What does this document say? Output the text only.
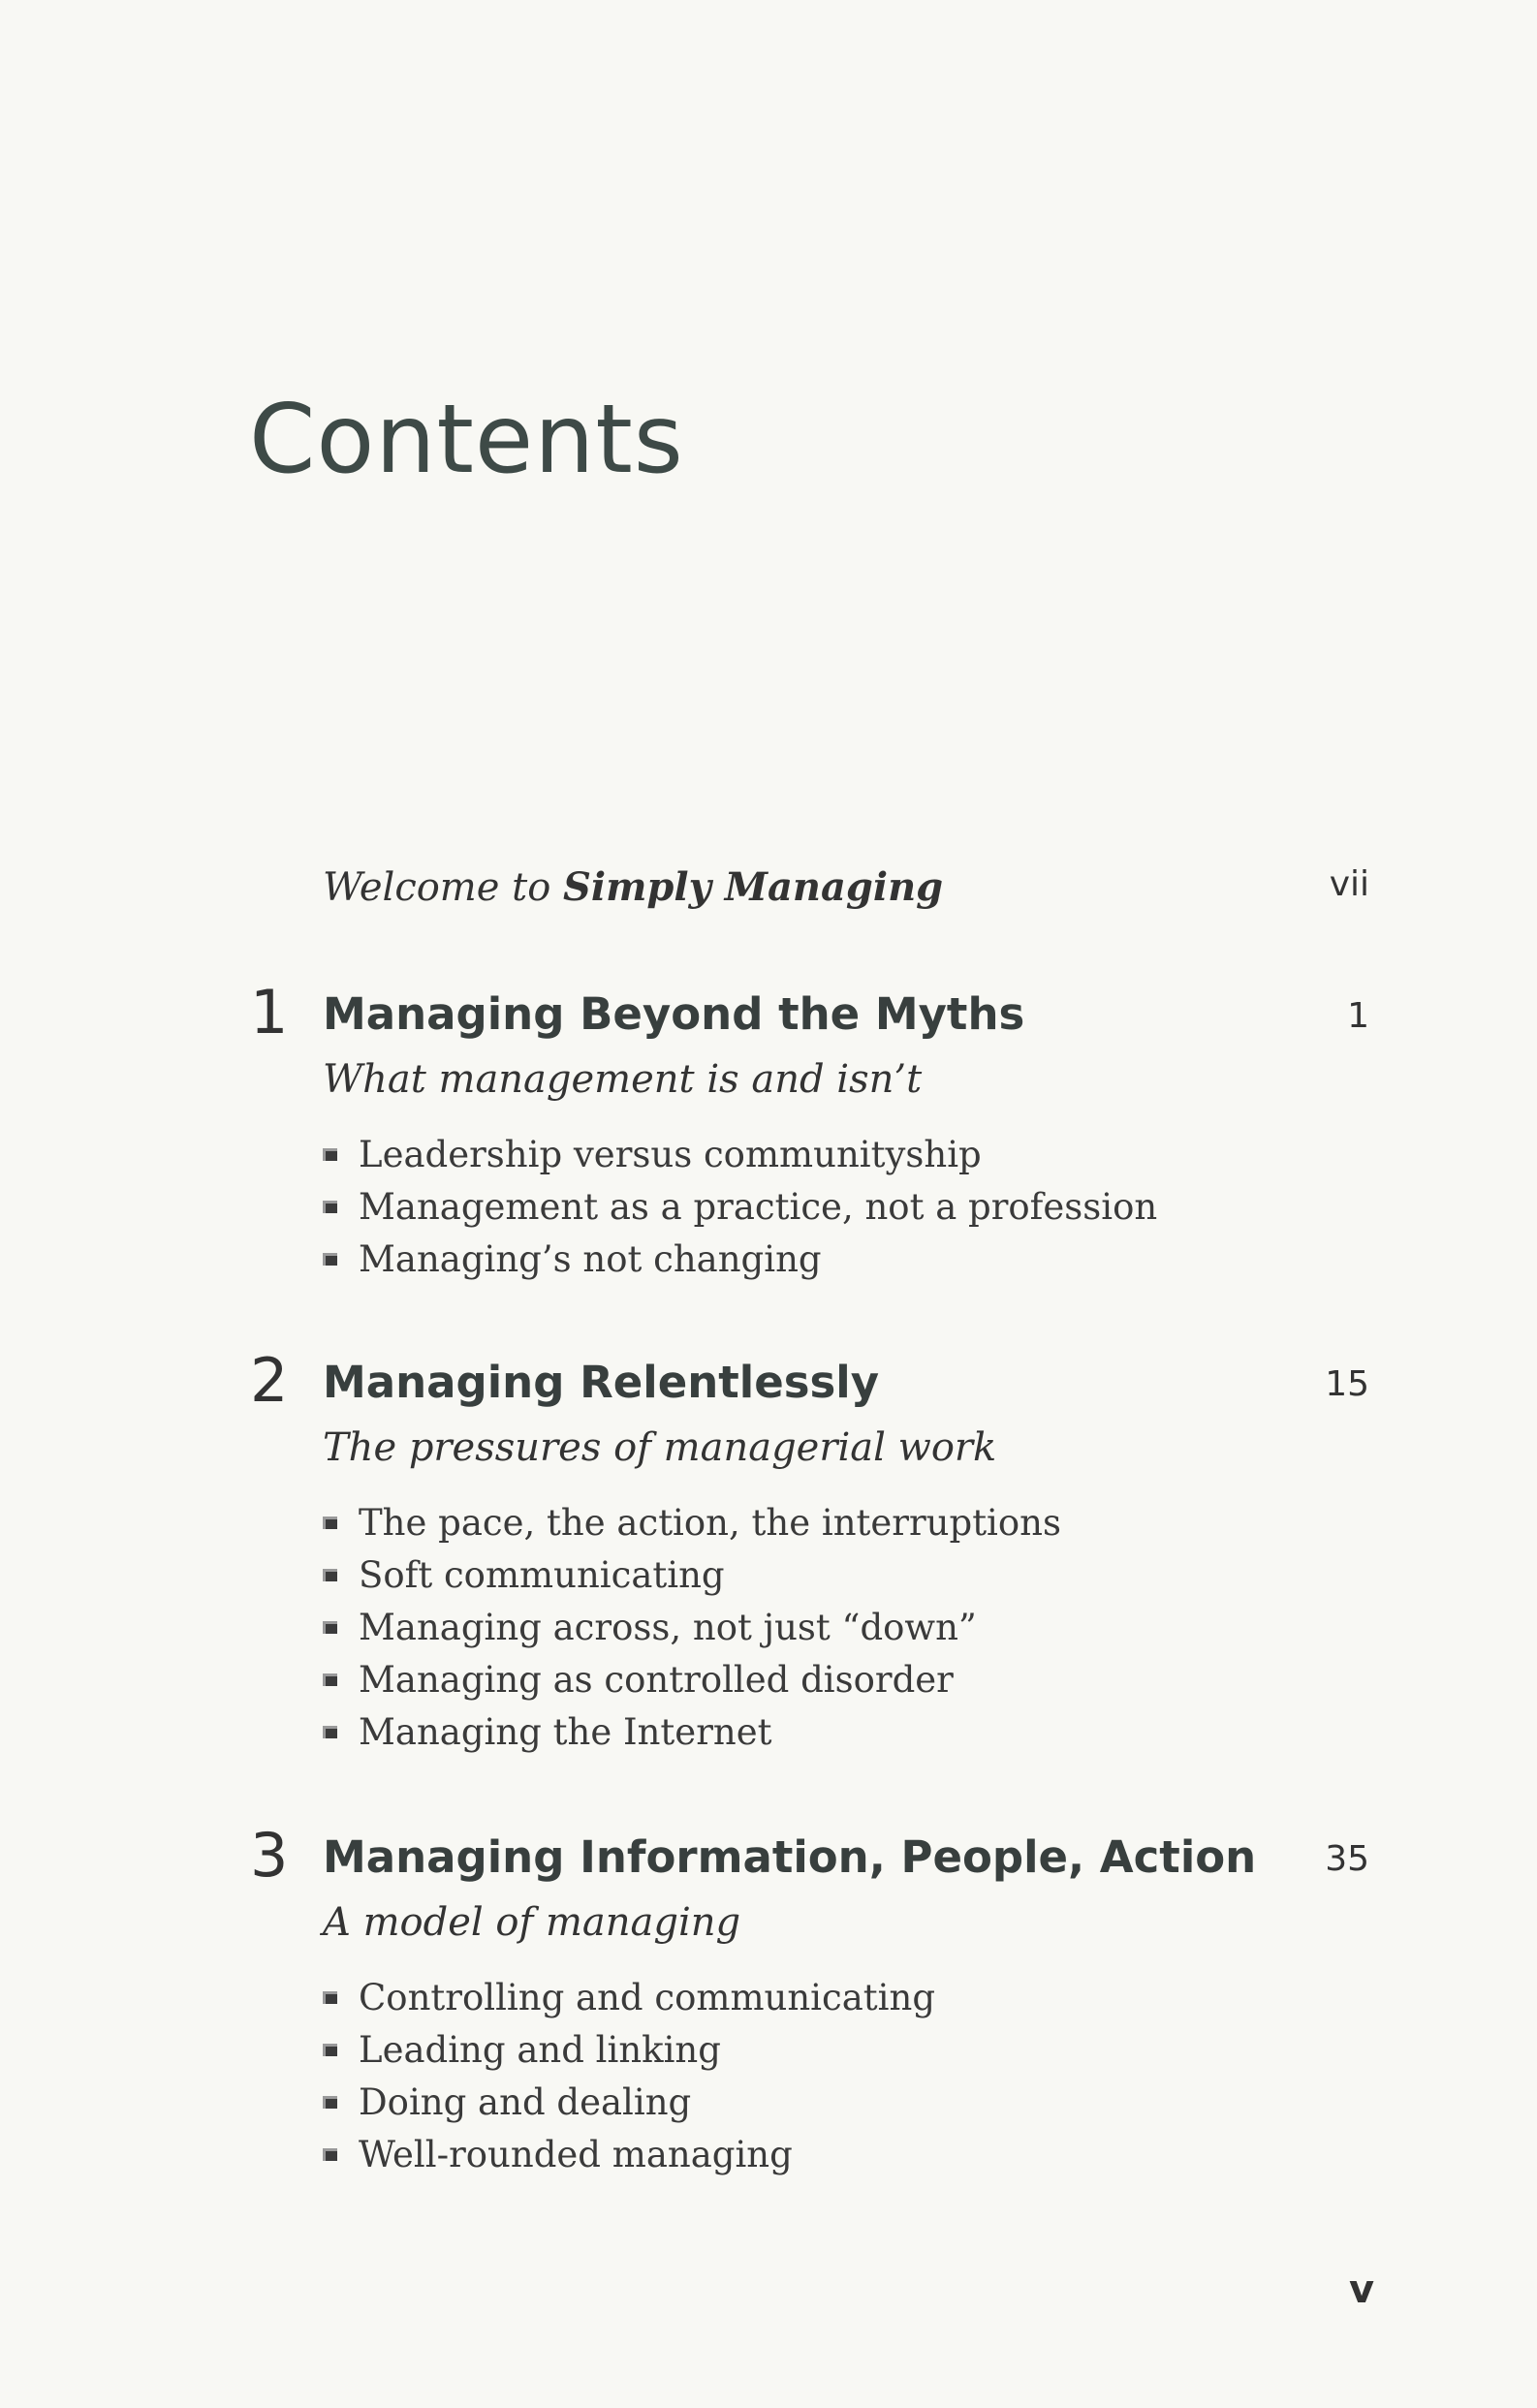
Contents
Welcome to Simply Managing	vii
1 Managing Beyond the Myths	1
What management is and isn’t
Leadership versus communityship
Management as a practice, not a profession
Managing’s not changing
2 Managing Relentlessly	15
The pressures of managerial work
The pace, the action, the interruptions
Soft communicating
Managing across, not just “down”
Managing as controlled disorder
Managing the Internet
3 Managing Information, People, Action 35
A model of managing
Controlling and communicating
Leading and linking
Doing and dealing
Well-rounded managing
v
